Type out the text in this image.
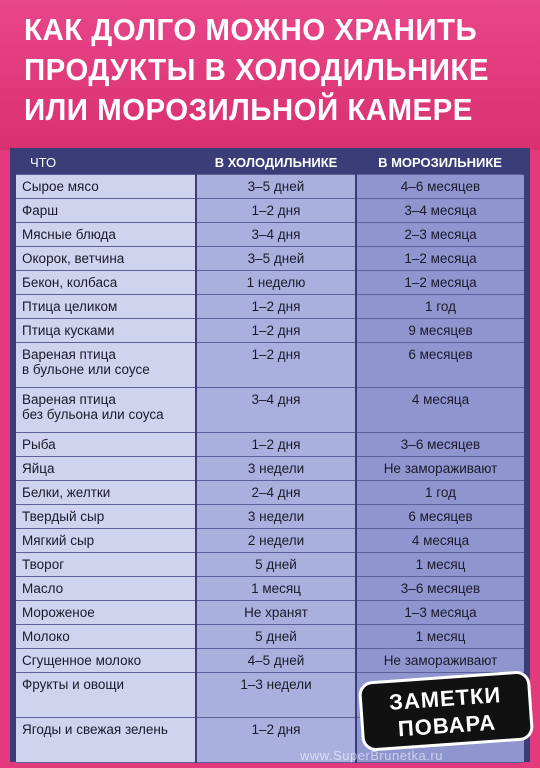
КАК ДОЛГО МОЖНО ХРАНИТЬ
ПРОДУКТЫ В ХОЛОДИЛЬНИКЕ
ИЛИ МОРОЗИЛЬНОЙ КАМЕРЕ
ЧТО	В ХОЛОДИЛЬНИКЕ	В МОРОЗИЛЬНИКЕ
Сырое мясо	3–5 дней	4–6 месяцев
Фарш	1–2 дня	3–4 месяца
Мясные блюда	3–4 дня	2–3 месяца
Окорок, ветчина	3–5 дней	1–2 месяца
Бекон, колбаса	1 неделю	1–2 месяца
Птица целиком	1–2 дня	1 год
Птица кусками	1–2 дня	9 месяцев
Вареная птица
в бульоне или соусе	1–2 дня	6 месяцев
Вареная птица
без бульона или соуса	3–4 дня	4 месяца
Рыба	1–2 дня	3–6 месяцев
Яйца	3 недели	Не замораживают
Белки, желтки	2–4 дня	1 год
Твердый сыр	3 недели	6 месяцев
Мягкий сыр	2 недели	4 месяца
Творог	5 дней	1 месяц
Масло	1 месяц	3–6 месяцев
Мороженое	Не хранят	1–3 месяца
Молоко	5 дней	1 месяц
Сгущенное молоко	4–5 дней	Не замораживают
Фрукты и овощи	1–3 недели	
Ягоды и свежая зелень	1–2 дня	
ЗАМЕТКИ
ПОВАРА
www.SuperBrunetka.ru
